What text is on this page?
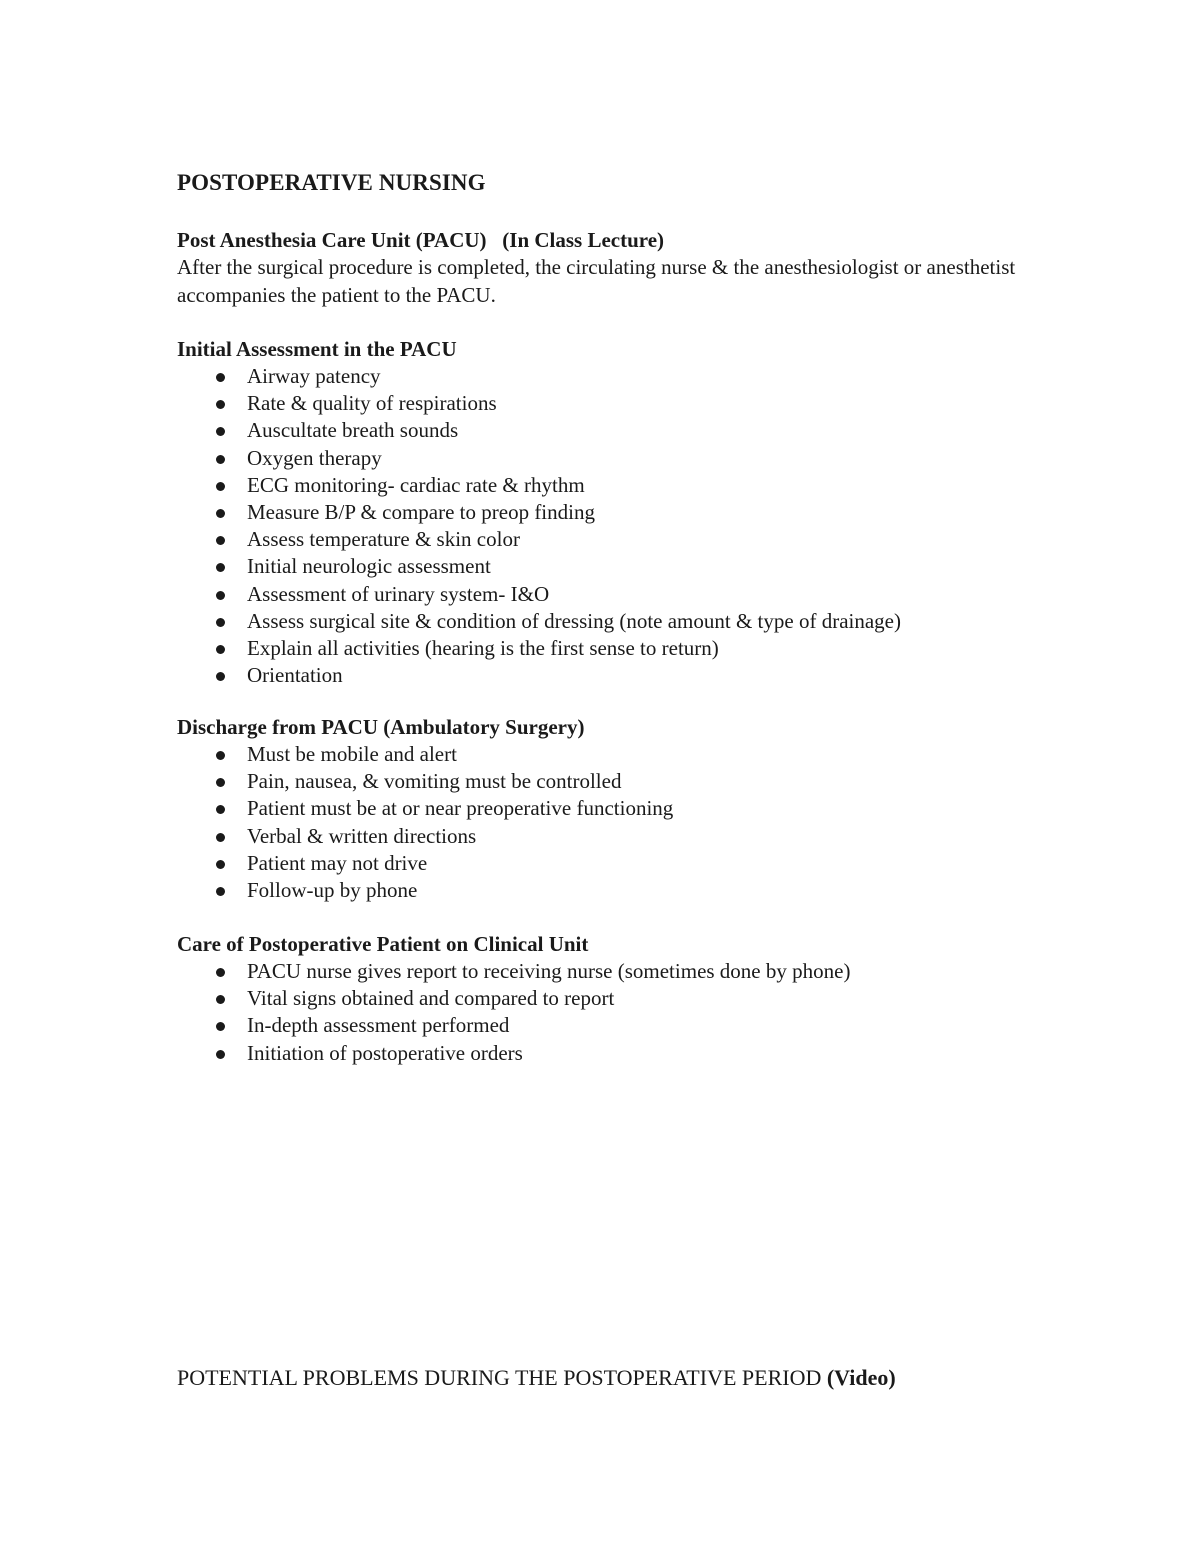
POSTOPERATIVE NURSING
Post Anesthesia Care Unit (PACU)   (In Class Lecture)

After the surgical procedure is completed, the circulating nurse & the anesthesiologist or anesthetist accompanies the patient to the PACU.

Initial Assessment in the PACU
Airway patency
Rate & quality of respirations
Auscultate breath sounds
Oxygen therapy
ECG monitoring- cardiac rate & rhythm
Measure B/P & compare to preop finding
Assess temperature & skin color
Initial neurologic assessment
Assessment of urinary system- I&O
Assess surgical site & condition of dressing (note amount & type of drainage)
Explain all activities (hearing is the first sense to return)
Orientation
Discharge from PACU (Ambulatory Surgery)
Must be mobile and alert
Pain, nausea, & vomiting must be controlled
Patient must be at or near preoperative functioning
Verbal & written directions
Patient may not drive
Follow-up by phone
Care of Postoperative Patient on Clinical Unit
PACU nurse gives report to receiving nurse (sometimes done by phone)
Vital signs obtained and compared to report
In-depth assessment performed
Initiation of postoperative orders
POTENTIAL PROBLEMS DURING THE POSTOPERATIVE PERIOD (Video)
